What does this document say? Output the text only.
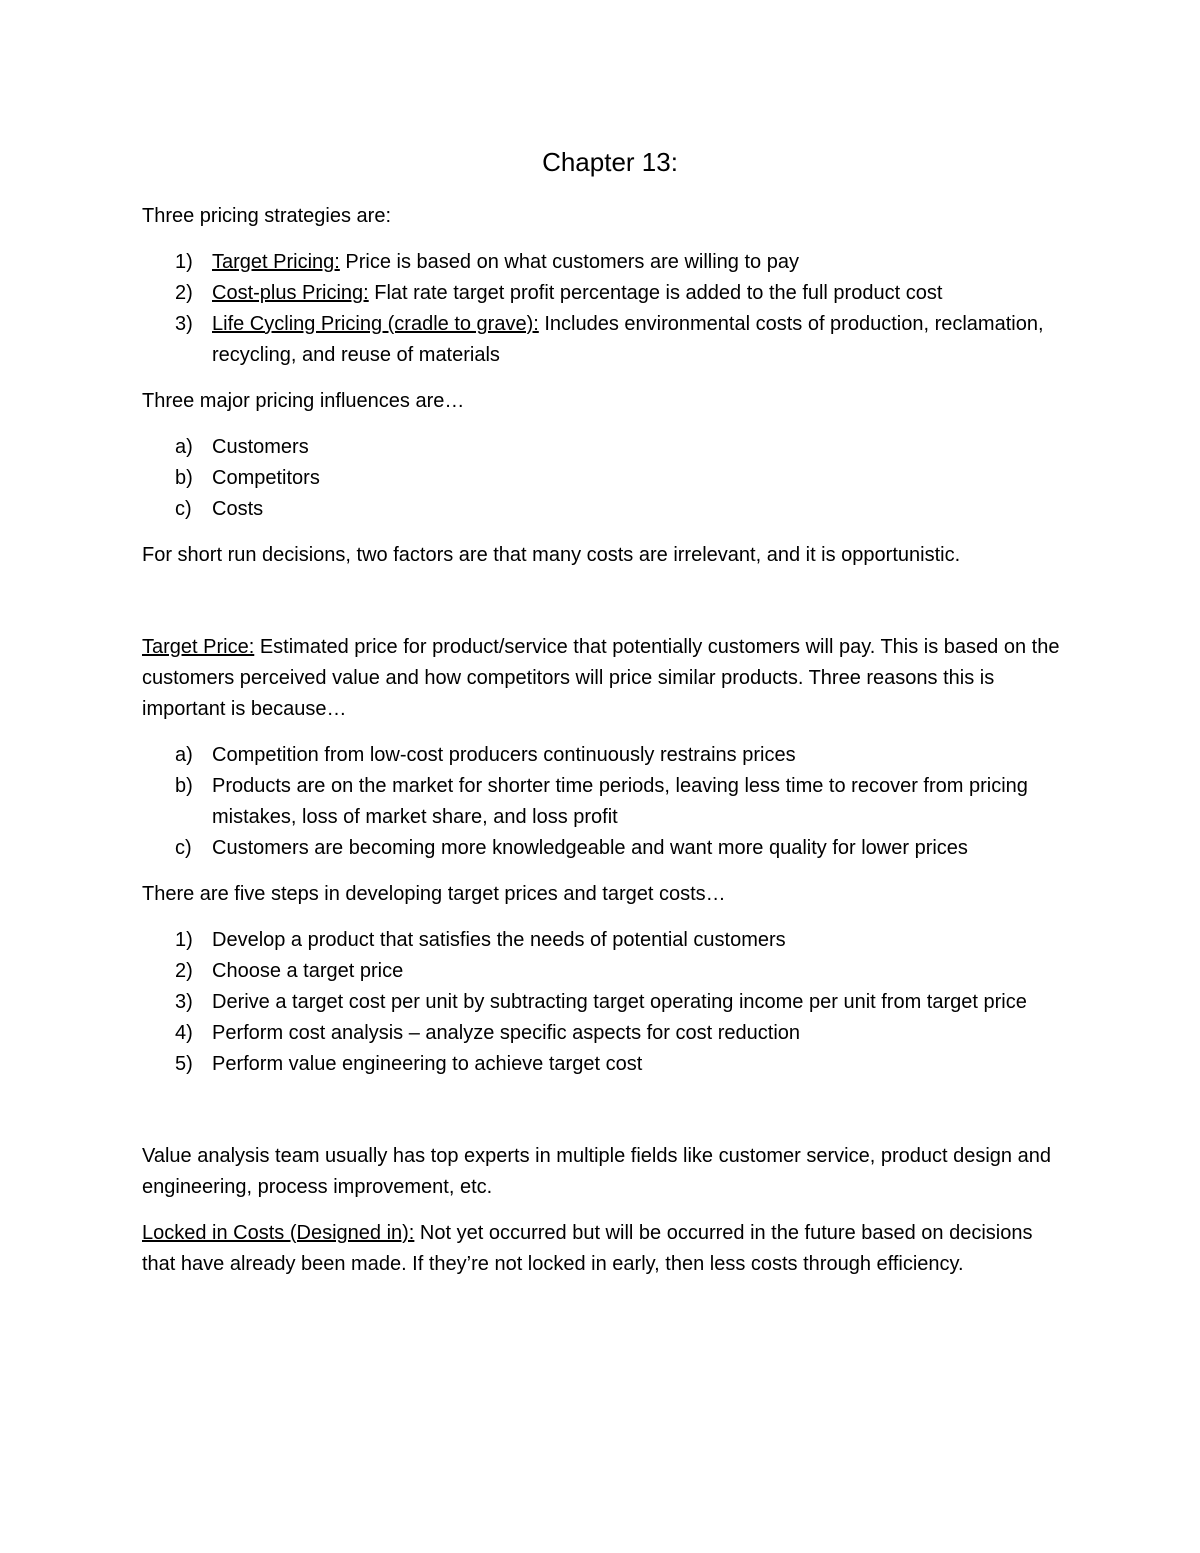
Chapter 13:

Three pricing strategies are:

1) Target Pricing: Price is based on what customers are willing to pay
2) Cost-plus Pricing: Flat rate target profit percentage is added to the full product cost
3) Life Cycling Pricing (cradle to grave): Includes environmental costs of production, reclamation, recycling, and reuse of materials

Three major pricing influences are…

a) Customers
b) Competitors
c) Costs

For short run decisions, two factors are that many costs are irrelevant, and it is opportunistic.

Target Price: Estimated price for product/service that potentially customers will pay. This is based on the customers perceived value and how competitors will price similar products. Three reasons this is important is because…

a) Competition from low-cost producers continuously restrains prices
b) Products are on the market for shorter time periods, leaving less time to recover from pricing mistakes, loss of market share, and loss profit
c) Customers are becoming more knowledgeable and want more quality for lower prices

There are five steps in developing target prices and target costs…

1) Develop a product that satisfies the needs of potential customers
2) Choose a target price
3) Derive a target cost per unit by subtracting target operating income per unit from target price
4) Perform cost analysis – analyze specific aspects for cost reduction
5) Perform value engineering to achieve target cost

Value analysis team usually has top experts in multiple fields like customer service, product design and engineering, process improvement, etc.

Locked in Costs (Designed in): Not yet occurred but will be occurred in the future based on decisions that have already been made. If they’re not locked in early, then less costs through efficiency.
